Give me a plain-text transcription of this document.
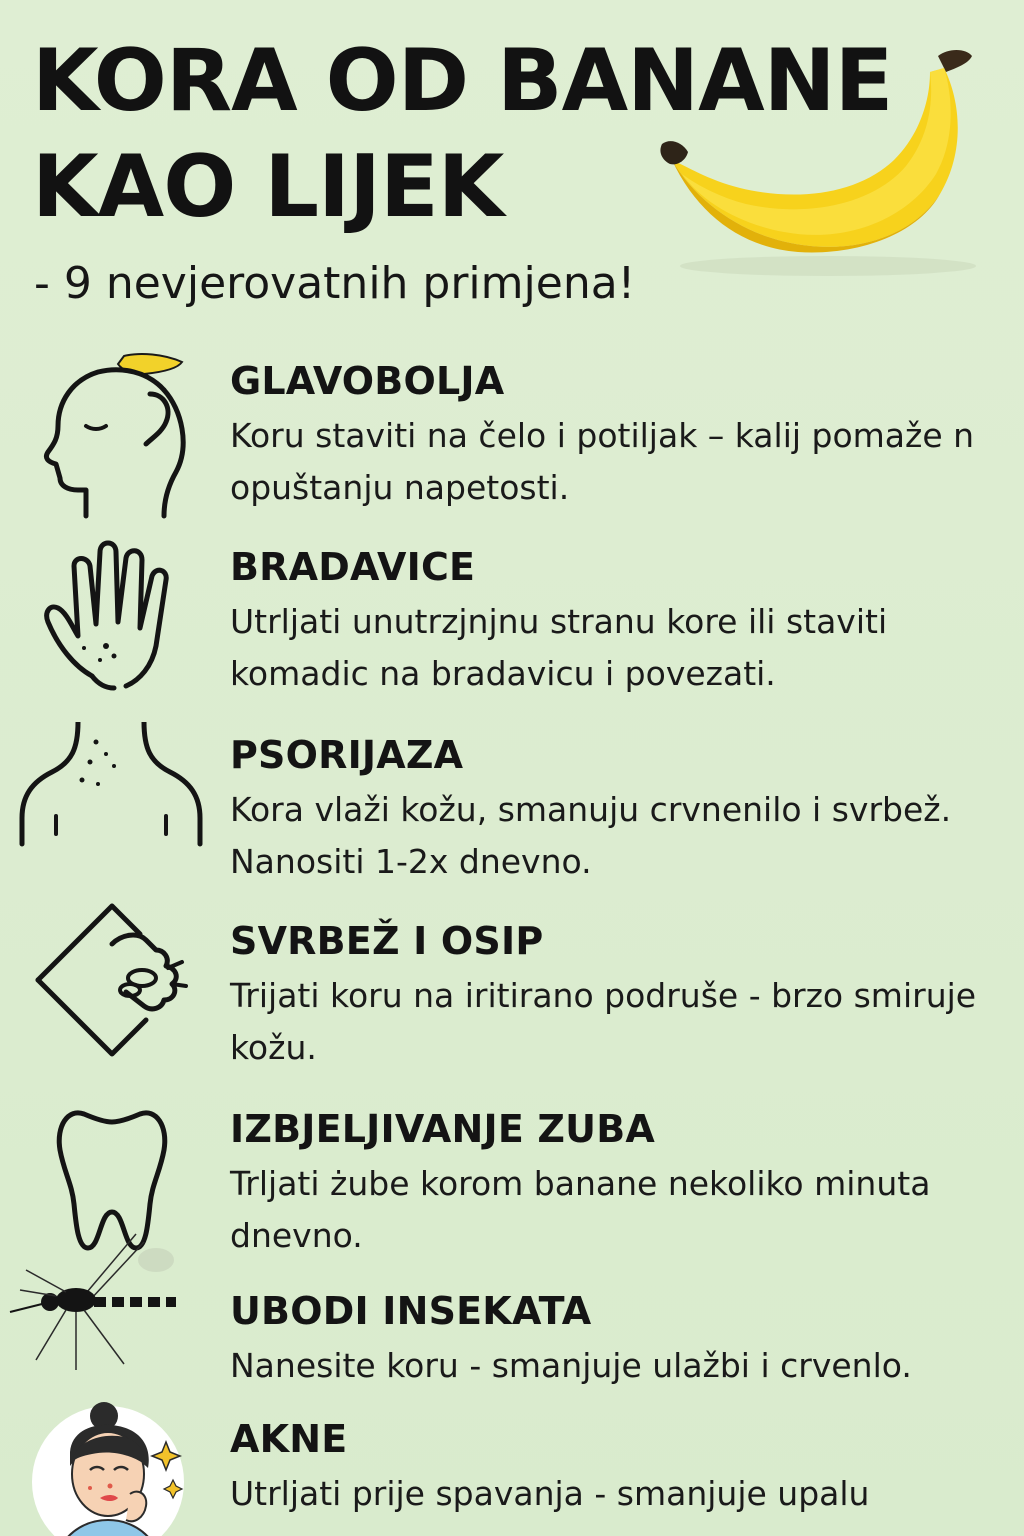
KORA OD BANANE
KAO LIJEK

- 9 nevjerovatnih primjena!

GLAVOBOLJA

Koru staviti na čelo i potiljak – kalij pomaže n opuštanju napetosti.

BRADAVICE

Utrljati unutrzjnjnu stranu kore ili staviti komadic na bradavicu i povezati.

PSORIJAZA

Kora vlaži kožu, smanuju crvnenilo i svrbež. Nanositi 1-2x dnevno.

SVRBEŽ I OSIP

Trijati koru na iritirano podruše - brzo smiruje kožu.

IZBJELJIVANJE ZUBA

Trljati żube korom banane nekoliko minuta dnevno.

UBODI INSEKATA

Nanesite koru - smanjuje ulažbi i crvenlo.

AKNE

Utrljati prije spavanja - smanjuje upalu
